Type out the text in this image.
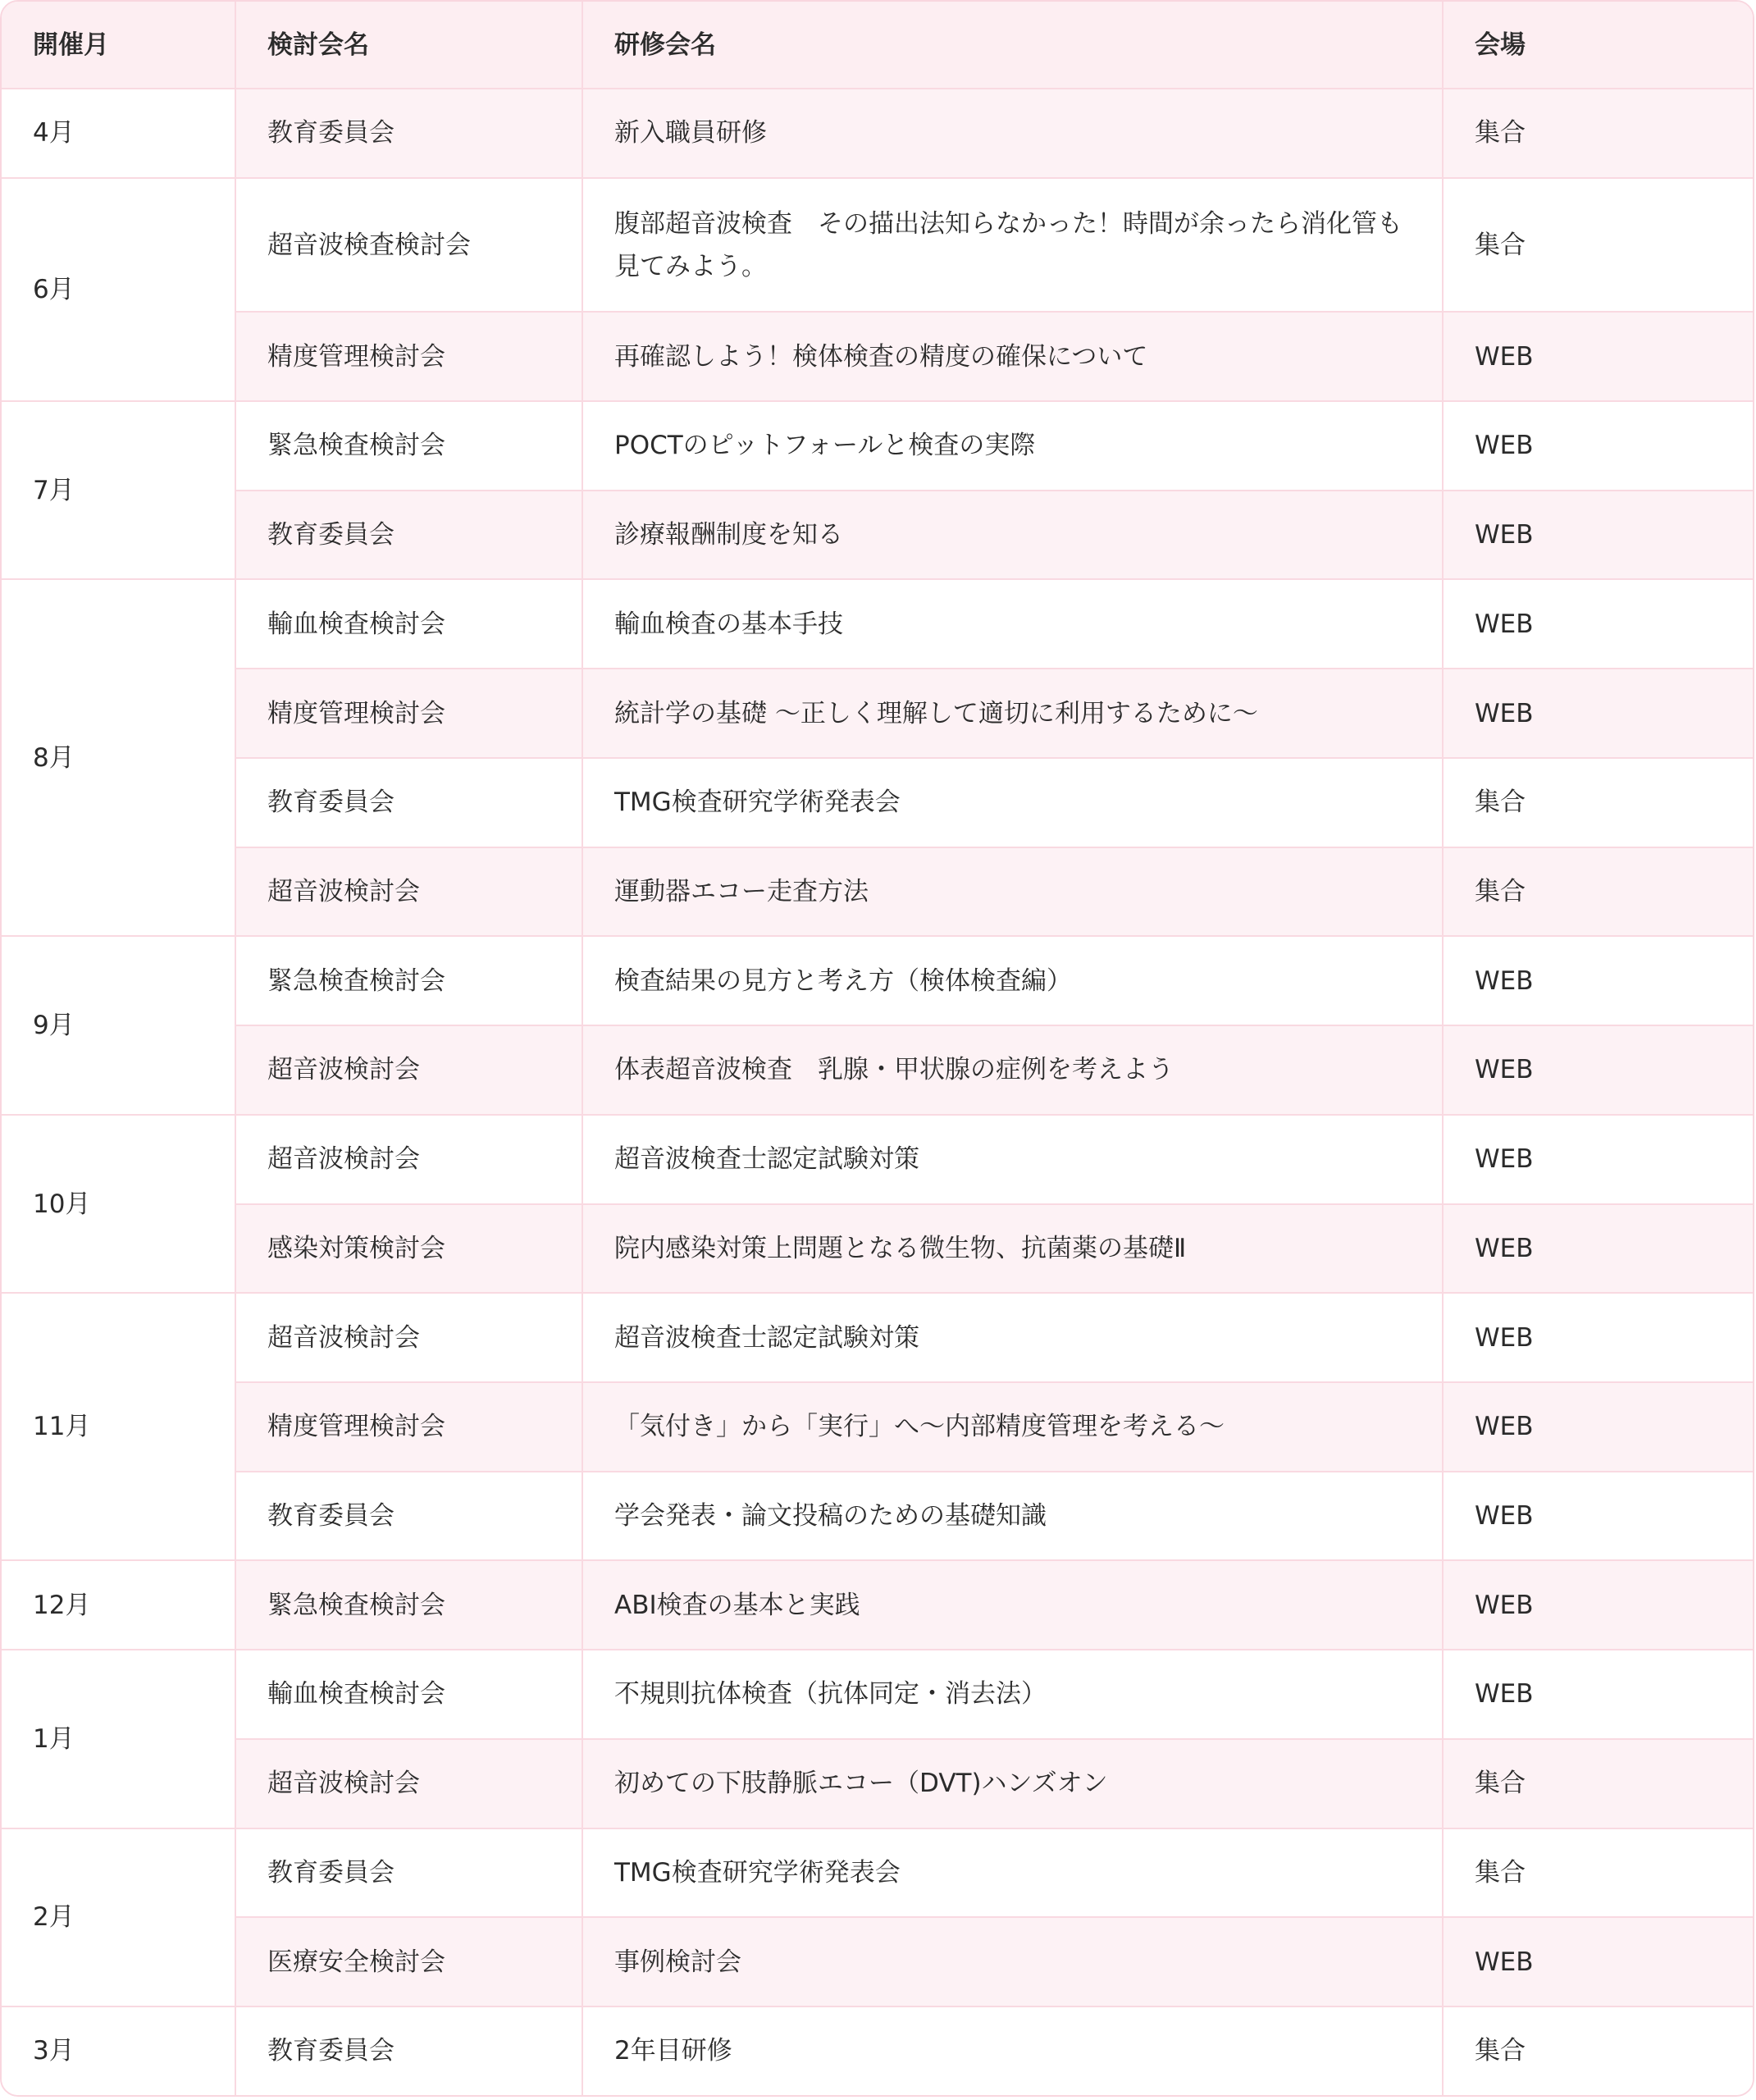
開催月	検討会名	研修会名	会場
4月	教育委員会	新入職員研修	集合
6月	超音波検査検討会	腹部超音波検査　その描出法知らなかった！時間が余ったら消化管も見てみよう。	集合
	精度管理検討会	再確認しよう！検体検査の精度の確保について	WEB
7月	緊急検査検討会	POCTのピットフォールと検査の実際	WEB
	教育委員会	診療報酬制度を知る	WEB
8月	輸血検査検討会	輸血検査の基本手技	WEB
	精度管理検討会	統計学の基礎 〜正しく理解して適切に利用するために〜	WEB
	教育委員会	TMG検査研究学術発表会	集合
	超音波検討会	運動器エコー走査方法	集合
9月	緊急検査検討会	検査結果の見方と考え方（検体検査編）	WEB
	超音波検討会	体表超音波検査　乳腺・甲状腺の症例を考えよう	WEB
10月	超音波検討会	超音波検査士認定試験対策	WEB
	感染対策検討会	院内感染対策上問題となる微生物、抗菌薬の基礎Ⅱ	WEB
11月	超音波検討会	超音波検査士認定試験対策	WEB
	精度管理検討会	「気付き」から「実行」へ〜内部精度管理を考える〜	WEB
	教育委員会	学会発表・論文投稿のための基礎知識	WEB
12月	緊急検査検討会	ABI検査の基本と実践	WEB
1月	輸血検査検討会	不規則抗体検査（抗体同定・消去法）	WEB
	超音波検討会	初めての下肢静脈エコー（DVT)ハンズオン	集合
2月	教育委員会	TMG検査研究学術発表会	集合
	医療安全検討会	事例検討会	WEB
3月	教育委員会	2年目研修	集合
